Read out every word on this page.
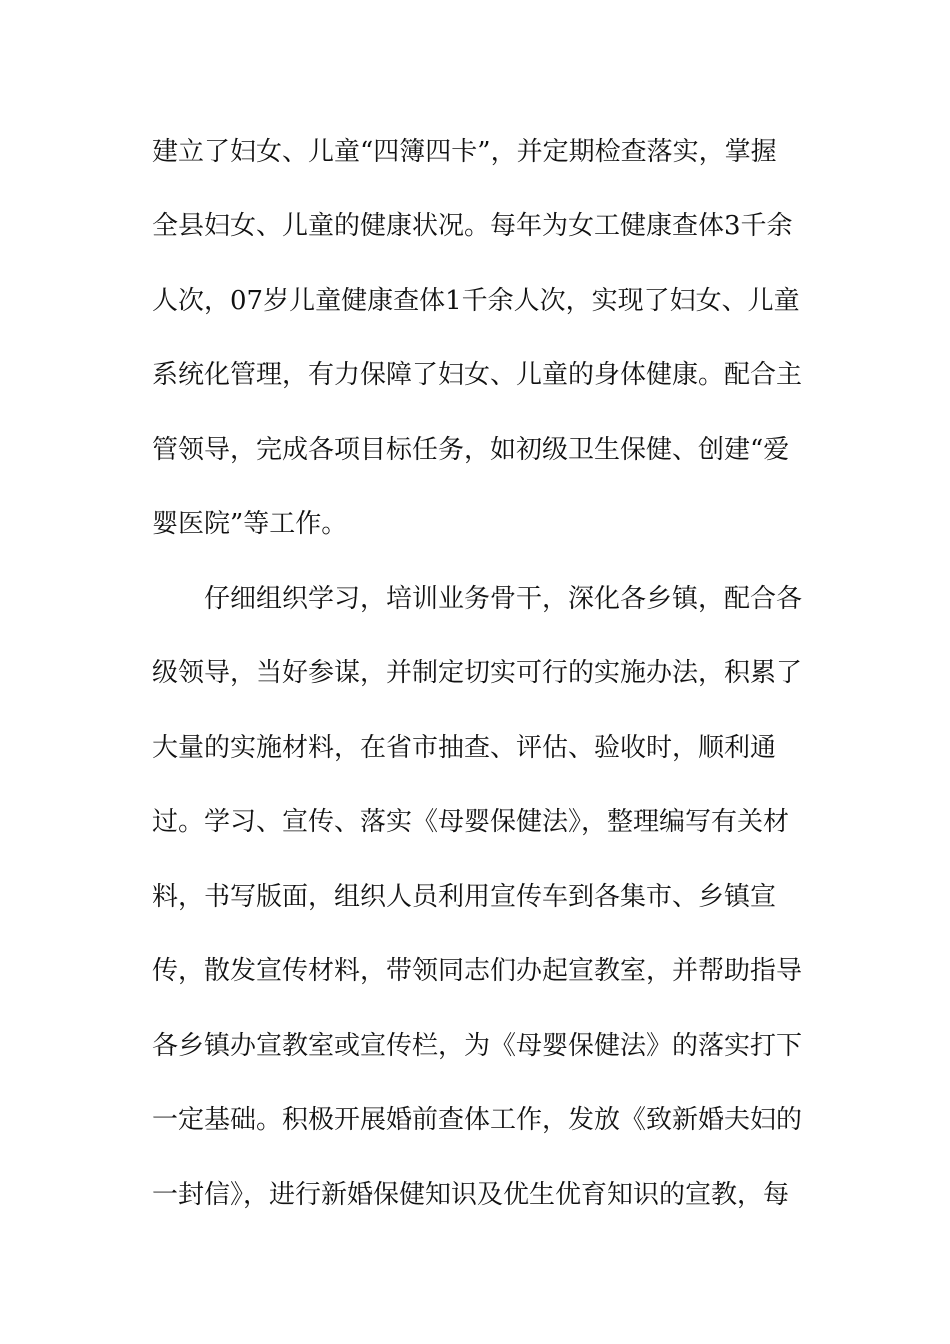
建立了妇女、儿童“四簿四卡”，并定期检查落实，掌握
全县妇女、儿童的健康状况。每年为女工健康查体3千余
人次，07岁儿童健康查体1千余人次，实现了妇女、儿童
系统化管理，有力保障了妇女、儿童的身体健康。配合主
管领导，完成各项目标任务，如初级卫生保健、创建“爱
婴医院”等工作。
仔细组织学习，培训业务骨干，深化各乡镇，配合各
级领导，当好参谋，并制定切实可行的实施办法，积累了
大量的实施材料，在省市抽查、评估、验收时，顺利通
过。学习、宣传、落实《母婴保健法》，整理编写有关材
料，书写版面，组织人员利用宣传车到各集市、乡镇宣
传，散发宣传材料，带领同志们办起宣教室，并帮助指导
各乡镇办宣教室或宣传栏，为《母婴保健法》的落实打下
一定基础。积极开展婚前查体工作，发放《致新婚夫妇的
一封信》，进行新婚保健知识及优生优育知识的宣教，每
